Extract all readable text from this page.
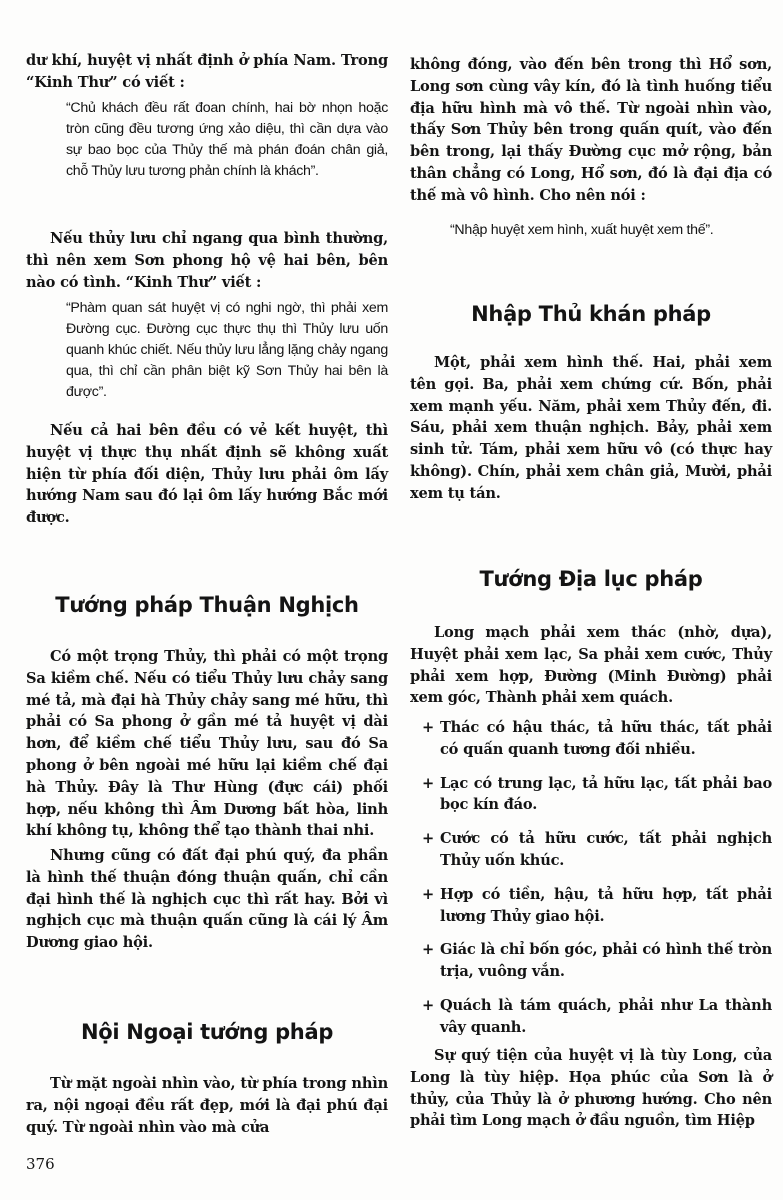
dư khí, huyệt vị nhất định ở phía Nam. Trong “Kinh Thư” có viết :

“Chủ khách đều rất đoan chính, hai bờ nhọn hoặc tròn cũng đều tương ứng xảo diệu, thì cần dựa vào sự bao bọc của Thủy thế mà phán đoán chân giả, chỗ Thủy lưu tương phản chính là khách”.

Nếu thủy lưu chỉ ngang qua bình thường, thì nên xem Sơn phong hộ vệ hai bên, bên nào có tình. “Kinh Thư” viết :

“Phàm quan sát huyệt vị có nghi ngờ, thì phải xem Đường cục. Đường cục thực thụ thì Thủy lưu uốn quanh khúc chiết. Nếu thủy lưu lẳng lặng chảy ngang qua, thì chỉ cần phân biệt kỹ Sơn Thủy hai bên là được”.

Nếu cả hai bên đều có vẻ kết huyệt, thì huyệt vị thực thụ nhất định sẽ không xuất hiện từ phía đối diện, Thủy lưu phải ôm lấy hướng Nam sau đó lại ôm lấy hướng Bắc mới được.

Tướng pháp Thuận Nghịch

Có một trọng Thủy, thì phải có một trọng Sa kiềm chế. Nếu có tiểu Thủy lưu chảy sang mé tả, mà đại hà Thủy chảy sang mé hữu, thì phải có Sa phong ở gần mé tả huyệt vị dài hơn, để kiềm chế tiểu Thủy lưu, sau đó Sa phong ở bên ngoài mé hữu lại kiềm chế đại hà Thủy. Đây là Thư Hùng (đực cái) phối hợp, nếu không thì Âm Dương bất hòa, linh khí không tụ, không thể tạo thành thai nhi.

Nhưng cũng có đất đại phú quý, đa phần là hình thế thuận đóng thuận quấn, chỉ cần đại hình thế là nghịch cục thì rất hay. Bởi vì nghịch cục mà thuận quấn cũng là cái lý Âm Dương giao hội.

Nội Ngoại tướng pháp

Từ mặt ngoài nhìn vào, từ phía trong nhìn ra, nội ngoại đều rất đẹp, mới là đại phú đại quý. Từ ngoài nhìn vào mà cửa

không đóng, vào đến bên trong thì Hổ sơn, Long sơn cùng vây kín, đó là tình huống tiểu địa hữu hình mà vô thế. Từ ngoài nhìn vào, thấy Sơn Thủy bên trong quấn quít, vào đến bên trong, lại thấy Đường cục mở rộng, bản thân chẳng có Long, Hổ sơn, đó là đại địa có thế mà vô hình. Cho nên nói :

“Nhập huyệt xem hình, xuất huyệt xem thế”.

Nhập Thủ khán pháp

Một, phải xem hình thế. Hai, phải xem tên gọi. Ba, phải xem chứng cứ. Bốn, phải xem mạnh yếu. Năm, phải xem Thủy đến, đi. Sáu, phải xem thuận nghịch. Bảy, phải xem sinh tử. Tám, phải xem hữu vô (có thực hay không). Chín, phải xem chân giả, Mười, phải xem tụ tán.

Tướng Địa lục pháp

Long mạch phải xem thác (nhờ, dựa), Huyệt phải xem lạc, Sa phải xem cước, Thủy phải xem hợp, Đường (Minh Đường) phải xem góc, Thành phải xem quách.

+ Thác có hậu thác, tả hữu thác, tất phải có quấn quanh tương đối nhiều.

+ Lạc có trung lạc, tả hữu lạc, tất phải bao bọc kín đáo.

+ Cước có tả hữu cước, tất phải nghịch Thủy uốn khúc.

+ Hợp có tiền, hậu, tả hữu hợp, tất phải lương Thủy giao hội.

+ Giác là chỉ bốn góc, phải có hình thế tròn trịa, vuông vắn.

+ Quách là tám quách, phải như La thành vây quanh.

Sự quý tiện của huyệt vị là tùy Long, của Long là tùy hiệp. Họa phúc của Sơn là ở thủy, của Thủy là ở phương hướng. Cho nên phải tìm Long mạch ở đầu nguồn, tìm Hiệp

376
